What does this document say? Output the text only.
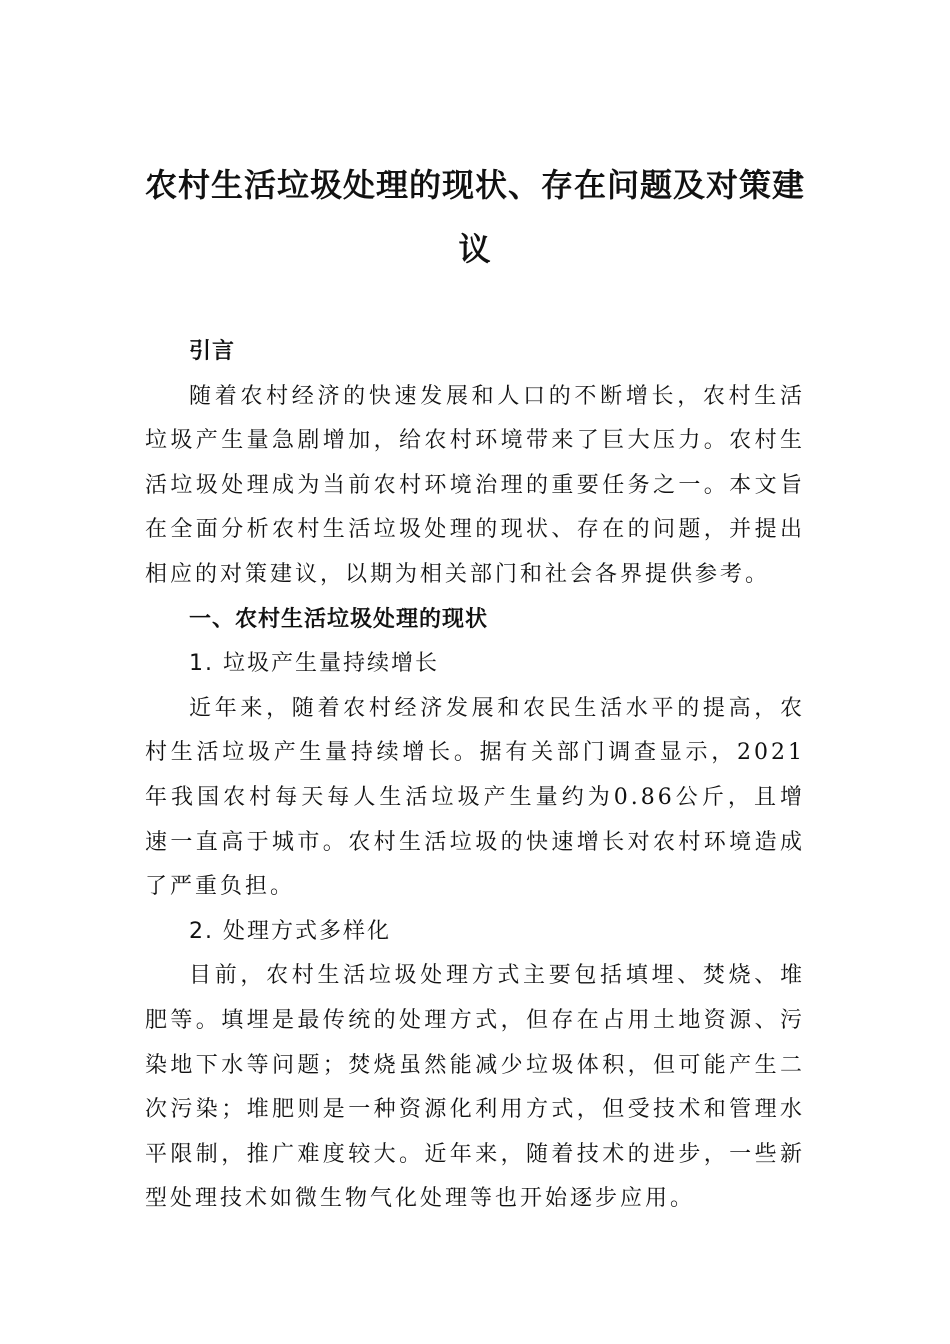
农村生活垃圾处理的现状、存在问题及对策建议

引言

随着农村经济的快速发展和人口的不断增长，农村生活垃圾产生量急剧增加，给农村环境带来了巨大压力。农村生活垃圾处理成为当前农村环境治理的重要任务之一。本文旨在全面分析农村生活垃圾处理的现状、存在的问题，并提出相应的对策建议，以期为相关部门和社会各界提供参考。

一、农村生活垃圾处理的现状

1. 垃圾产生量持续增长

近年来，随着农村经济发展和农民生活水平的提高，农村生活垃圾产生量持续增长。据有关部门调查显示，2021年我国农村每天每人生活垃圾产生量约为0.86公斤，且增速一直高于城市。农村生活垃圾的快速增长对农村环境造成了严重负担。

2. 处理方式多样化

目前，农村生活垃圾处理方式主要包括填埋、焚烧、堆肥等。填埋是最传统的处理方式，但存在占用土地资源、污染地下水等问题；焚烧虽然能减少垃圾体积，但可能产生二次污染；堆肥则是一种资源化利用方式，但受技术和管理水平限制，推广难度较大。近年来，随着技术的进步，一些新型处理技术如微生物气化处理等也开始逐步应用。
